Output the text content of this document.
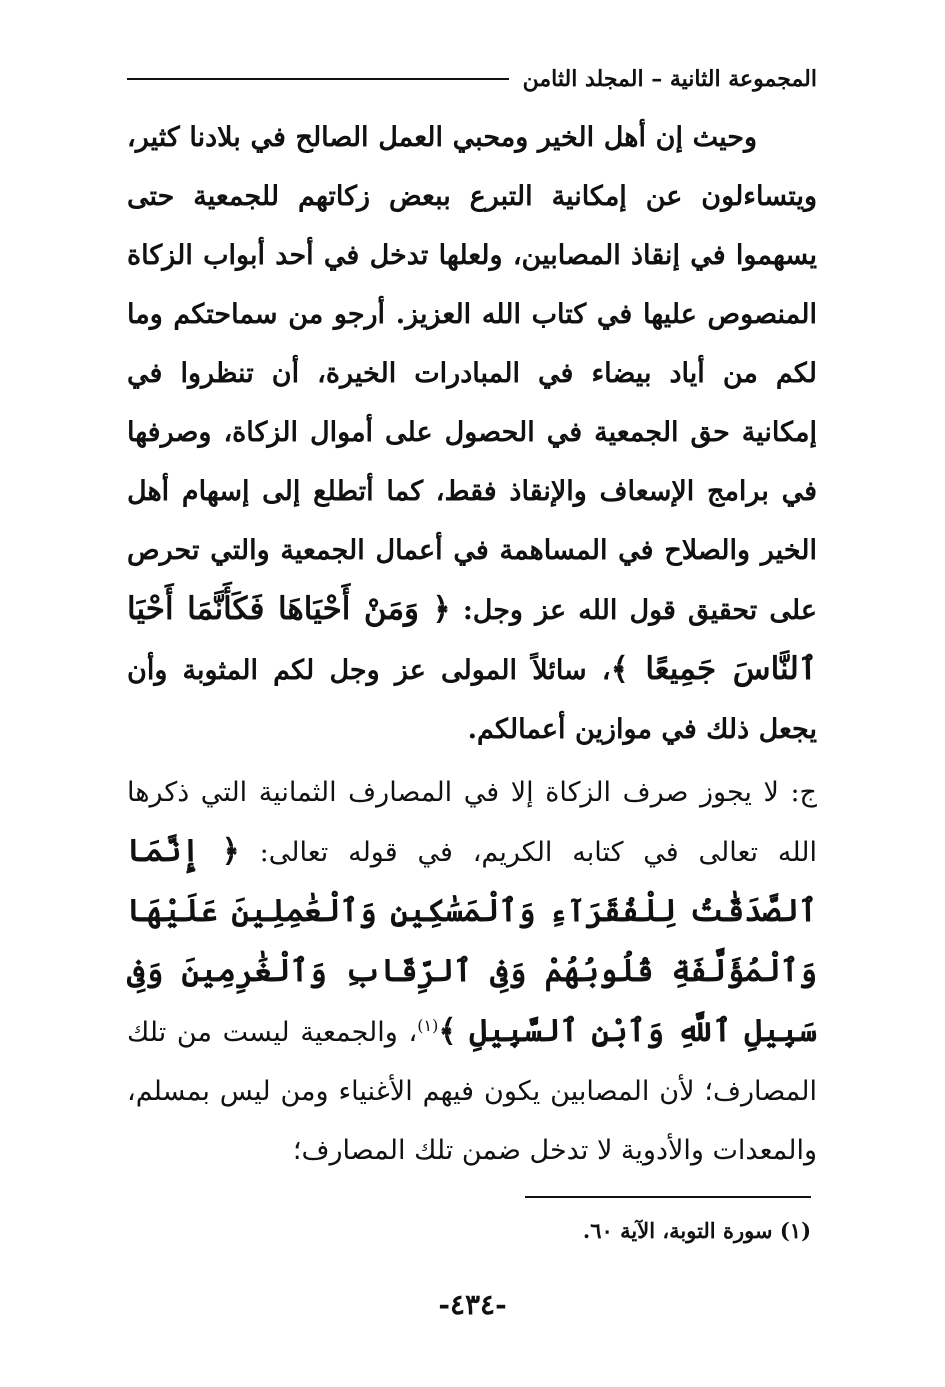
المجموعة الثانية – المجلد الثامن

وحيث إن أهل الخير ومحبي العمل الصالح في بلادنا كثير، ويتساءلون عن إمكانية التبرع ببعض زكاتهم للجمعية حتى يسهموا في إنقاذ المصابين، ولعلها تدخل في أحد أبواب الزكاة المنصوص عليها في كتاب الله العزيز. أرجو من سماحتكم وما لكم من أياد بيضاء في المبادرات الخيرة، أن تنظروا في إمكانية حق الجمعية في الحصول على أموال الزكاة، وصرفها في برامج الإسعاف والإنقاذ فقط، كما أتطلع إلى إسهام أهل الخير والصلاح في المساهمة في أعمال الجمعية والتي تحرص على تحقيق قول الله عز وجل: ﴿ وَمَنْ أَحْيَاهَا فَكَأَنَّمَا أَحْيَا ٱلنَّاسَ جَمِيعًا ﴾، سائلاً المولى عز وجل لكم المثوبة وأن يجعل ذلك في موازين أعمالكم.

ج: لا يجوز صرف الزكاة إلا في المصارف الثمانية التي ذكرها الله تعالى في كتابه الكريم، في قوله تعالى: ﴿ إِنَّمَا ٱلصَّدَقَٰتُ لِلْفُقَرَآءِ وَٱلْمَسَٰكِينِ وَٱلْعَٰمِلِينَ عَلَيْهَا وَٱلْمُؤَلَّفَةِ قُلُوبُهُمْ وَفِى ٱلرِّقَابِ وَٱلْغَٰرِمِينَ وَفِى سَبِيلِ ٱللَّهِ وَٱبْنِ ٱلسَّبِيلِ ﴾$^{(١)}$، والجمعية ليست من تلك المصارف؛ لأن المصابين يكون فيهم الأغنياء ومن ليس بمسلم، والمعدات والأدوية لا تدخل ضمن تلك المصارف؛

(١) سورة التوبة، الآية ٦٠.
-٤٣٤-
